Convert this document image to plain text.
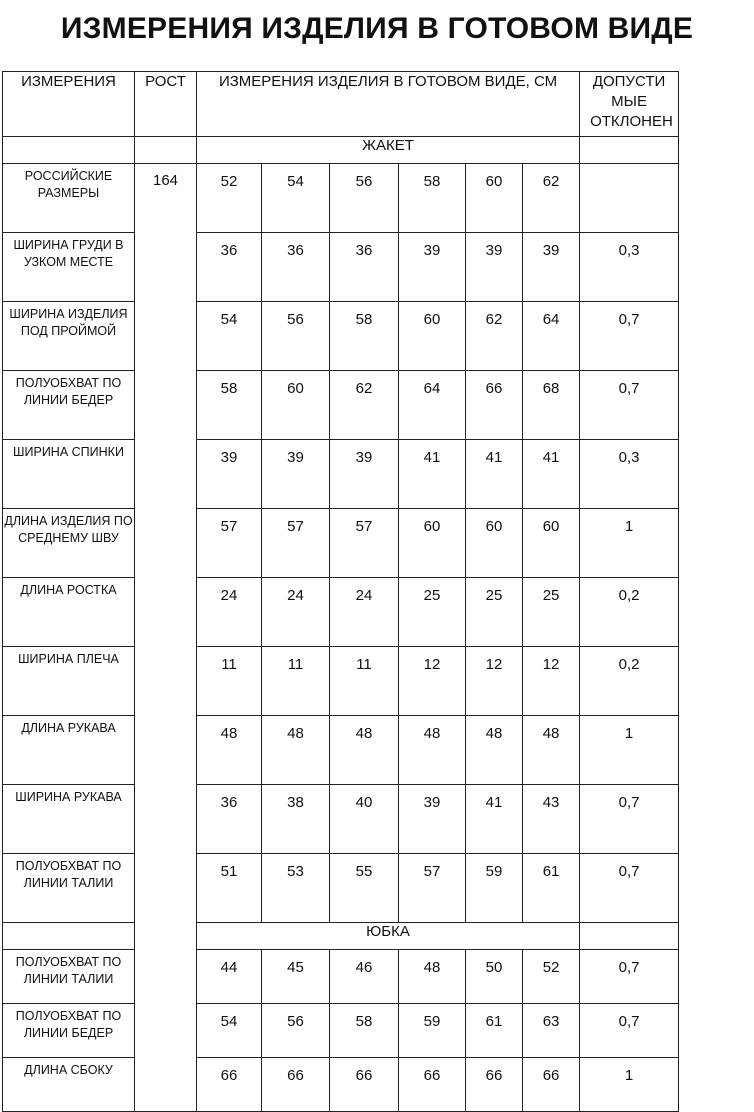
ИЗМЕРЕНИЯ ИЗДЕЛИЯ В ГОТОВОМ ВИДЕ
ИЗМЕРЕНИЯ	РОСТ	ИЗМЕРЕНИЯ ИЗДЕЛИЯ В ГОТОВОМ ВИДЕ, СМ						ДОПУСТИ МЫЕ ОТКЛОНЕН
		ЖАКЕТ						
РОССИЙСКИЕ РАЗМЕРЫ	164	52	54	56	58	60	62	
ШИРИНА ГРУДИ В УЗКОМ МЕСТЕ		36	36	36	39	39	39	0,3
ШИРИНА ИЗДЕЛИЯ ПОД ПРОЙМОЙ		54	56	58	60	62	64	0,7
ПОЛУОБХВАТ ПО ЛИНИИ БЕДЕР		58	60	62	64	66	68	0,7
ШИРИНА СПИНКИ		39	39	39	41	41	41	0,3
ДЛИНА ИЗДЕЛИЯ ПО СРЕДНЕМУ ШВУ		57	57	57	60	60	60	1
ДЛИНА РОСТКА		24	24	24	25	25	25	0,2
ШИРИНА ПЛЕЧА		11	11	11	12	12	12	0,2
ДЛИНА РУКАВА		48	48	48	48	48	48	1
ШИРИНА РУКАВА		36	38	40	39	41	43	0,7
ПОЛУОБХВАТ ПО ЛИНИИ ТАЛИИ		51	53	55	57	59	61	0,7
		ЮБКА						
ПОЛУОБХВАТ ПО ЛИНИИ ТАЛИИ		44	45	46	48	50	52	0,7
ПОЛУОБХВАТ ПО ЛИНИИ БЕДЕР		54	56	58	59	61	63	0,7
ДЛИНА СБОКУ		66	66	66	66	66	66	1
